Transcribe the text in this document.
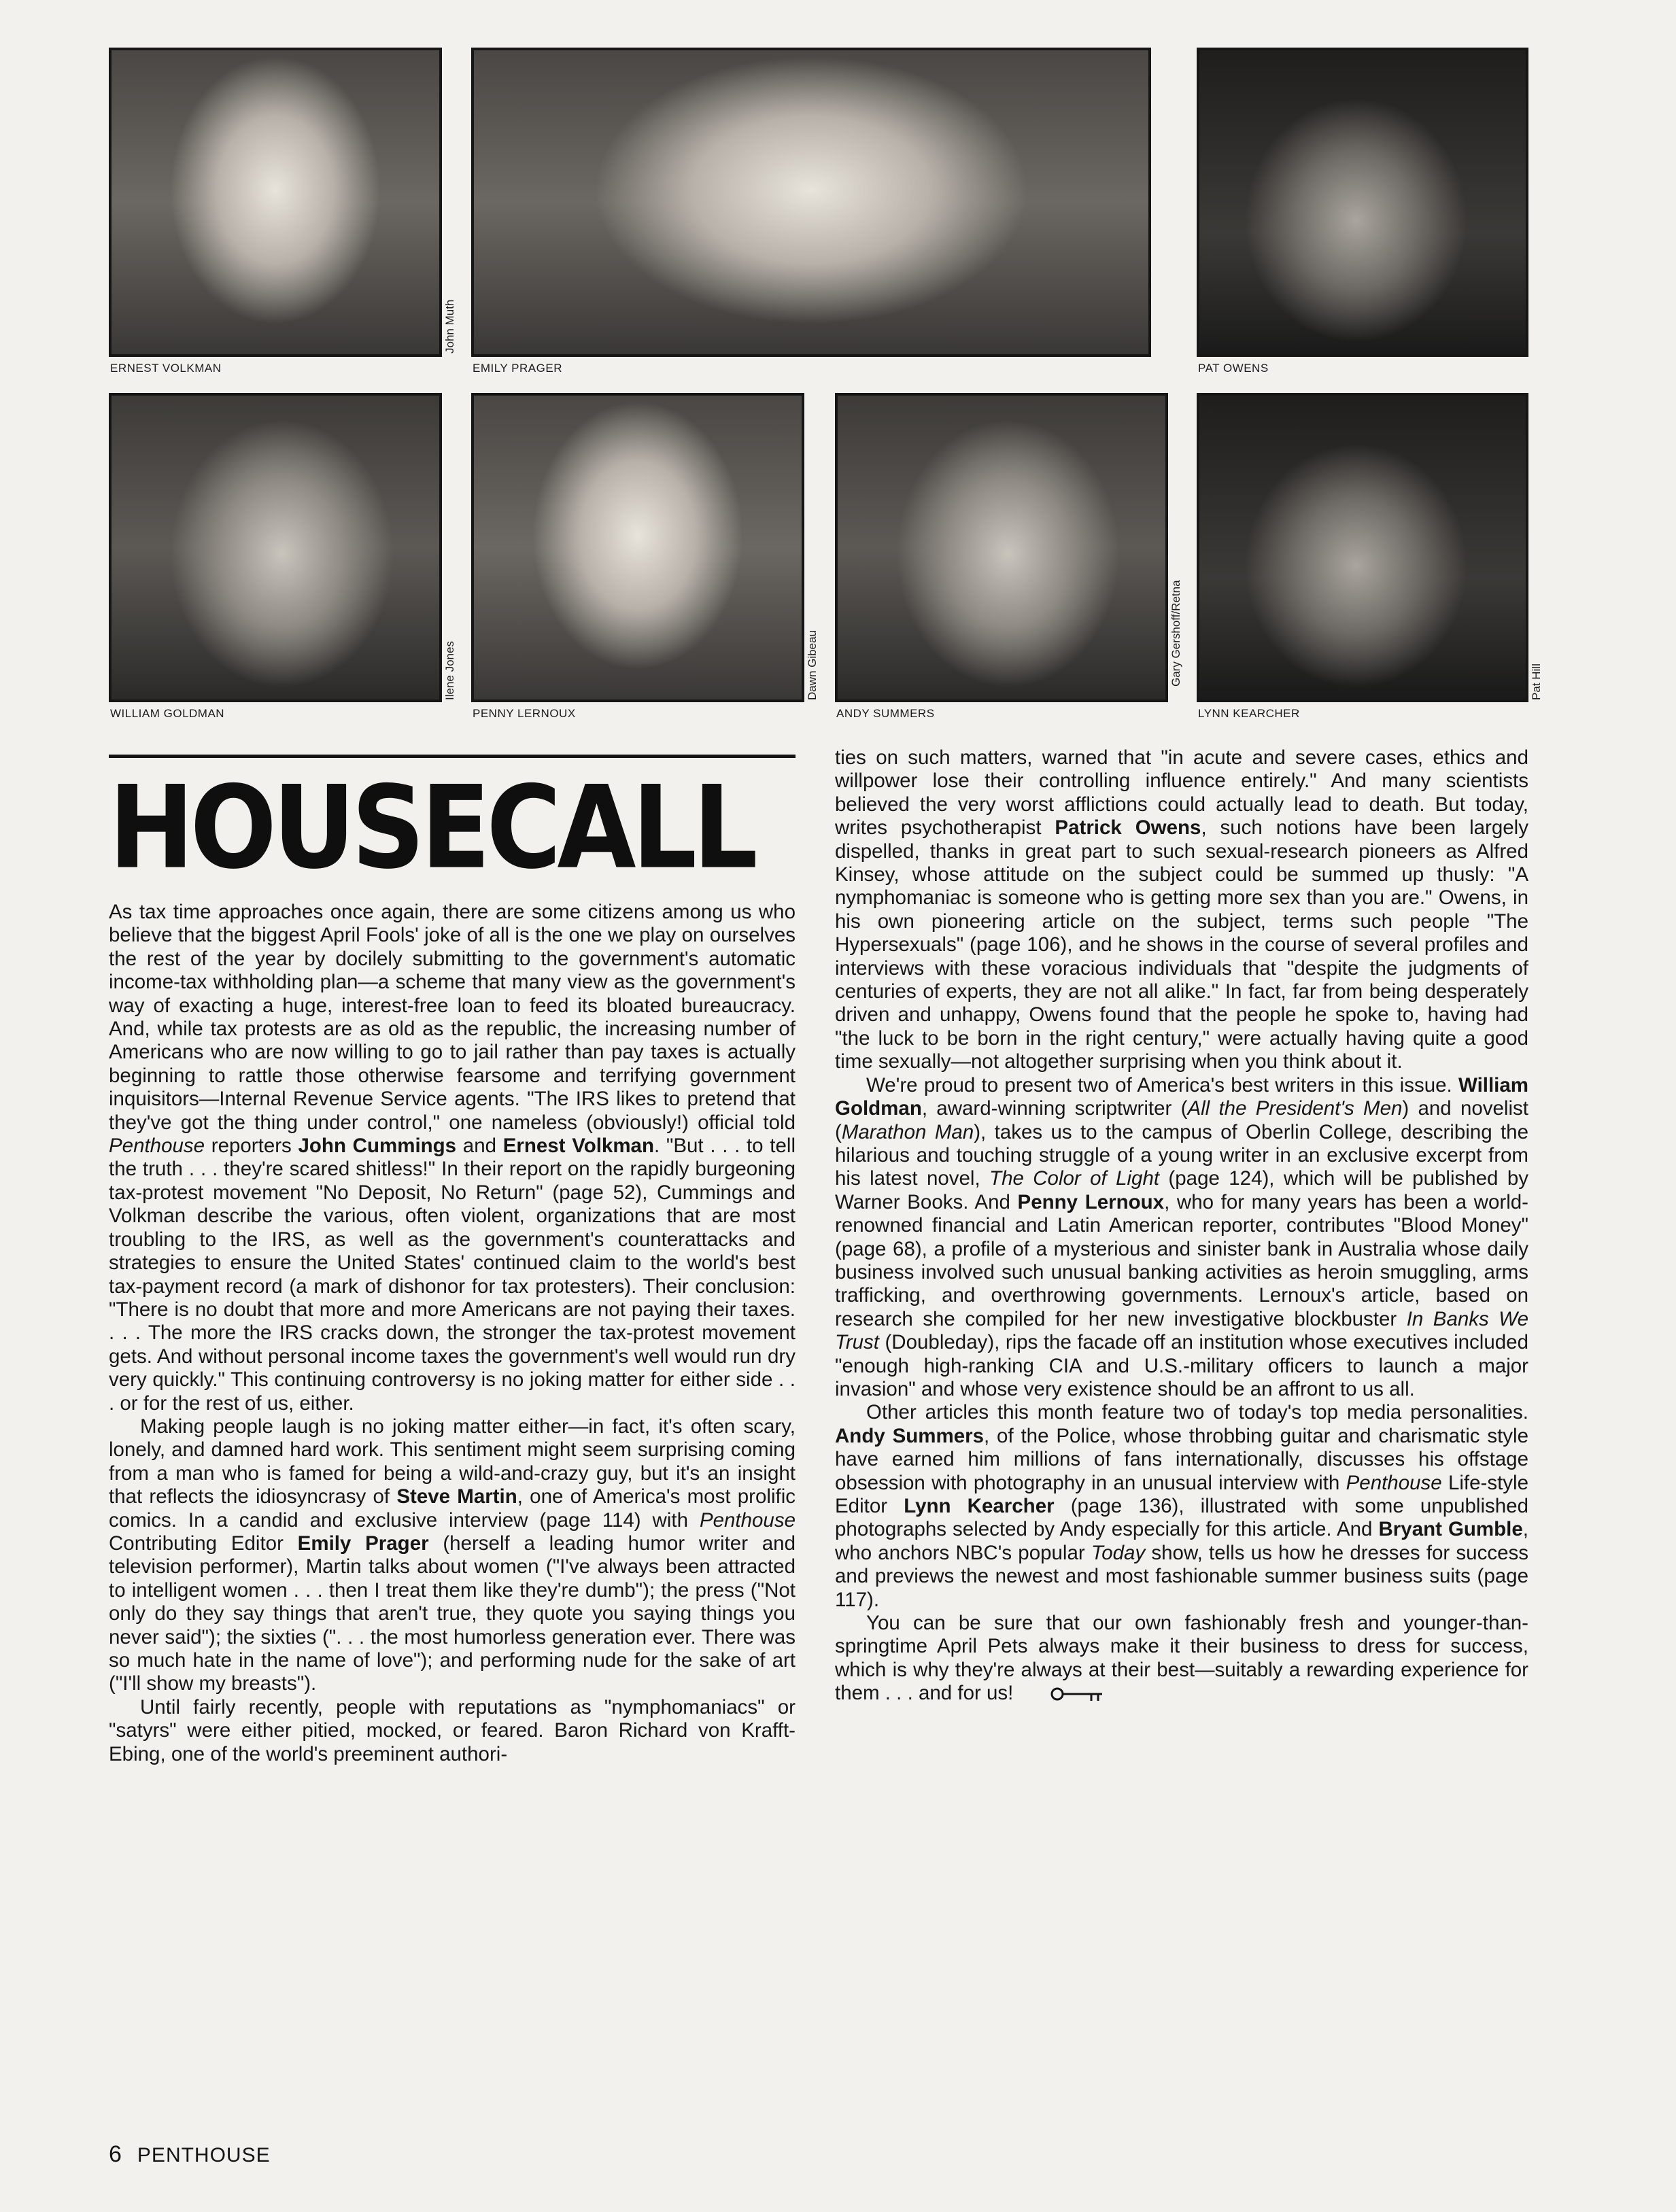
ERNEST VOLKMAN
John Muth
EMILY PRAGER	PAT OWENS
WILLIAM GOLDMAN
Ilene Jones
PENNY LERNOUX
Dawn Gibeau
ANDY SUMMERS
Gary Gershoff/Retna
LYNN KEARCHER
Pat Hill
HOUSECALL

As tax time approaches once again, there are some citizens among us who believe that the biggest April Fools' joke of all is the one we play on ourselves the rest of the year by docilely submitting to the government's automatic income-tax withholding plan—a scheme that many view as the government's way of exacting a huge, interest-free loan to feed its bloated bureaucracy. And, while tax protests are as old as the republic, the increasing number of Americans who are now willing to go to jail rather than pay taxes is actually beginning to rattle those otherwise fearsome and terrifying government inquisitors—Internal Revenue Service agents. "The IRS likes to pretend that they've got the thing under control," one nameless (obviously!) official told Penthouse reporters John Cummings and Ernest Volkman. "But . . . to tell the truth . . . they're scared shitless!" In their report on the rapidly burgeoning tax-protest movement "No Deposit, No Return" (page 52), Cummings and Volkman describe the various, often violent, organizations that are most troubling to the IRS, as well as the government's counterattacks and strategies to ensure the United States' continued claim to the world's best tax-payment record (a mark of dishonor for tax protesters). Their conclusion: "There is no doubt that more and more Americans are not paying their taxes. . . . The more the IRS cracks down, the stronger the tax-protest movement gets. And without personal income taxes the government's well would run dry very quickly." This continuing controversy is no joking matter for either side . . . or for the rest of us, either.

Making people laugh is no joking matter either—in fact, it's often scary, lonely, and damned hard work. This sentiment might seem surprising coming from a man who is famed for being a wild-and-crazy guy, but it's an insight that reflects the idiosyncrasy of Steve Martin, one of America's most prolific comics. In a candid and exclusive interview (page 114) with Penthouse Contributing Editor Emily Prager (herself a leading humor writer and television performer), Martin talks about women ("I've always been attracted to intelligent women . . . then I treat them like they're dumb"); the press ("Not only do they say things that aren't true, they quote you saying things you never said"); the sixties (". . . the most humorless generation ever. There was so much hate in the name of love"); and performing nude for the sake of art ("I'll show my breasts").

Until fairly recently, people with reputations as "nymphomaniacs" or "satyrs" were either pitied, mocked, or feared. Baron Richard von Krafft-Ebing, one of the world's preeminent authori-

ties on such matters, warned that "in acute and severe cases, ethics and willpower lose their controlling influence entirely." And many scientists believed the very worst afflictions could actually lead to death. But today, writes psychotherapist Patrick Owens, such notions have been largely dispelled, thanks in great part to such sexual-research pioneers as Alfred Kinsey, whose attitude on the subject could be summed up thusly: "A nymphomaniac is someone who is getting more sex than you are." Owens, in his own pioneering article on the subject, terms such people "The Hypersexuals" (page 106), and he shows in the course of several profiles and interviews with these voracious individuals that "despite the judgments of centuries of experts, they are not all alike." In fact, far from being desperately driven and unhappy, Owens found that the people he spoke to, having had "the luck to be born in the right century," were actually having quite a good time sexually—not altogether surprising when you think about it.

We're proud to present two of America's best writers in this issue. William Goldman, award-winning scriptwriter (All the President's Men) and novelist (Marathon Man), takes us to the campus of Oberlin College, describing the hilarious and touching struggle of a young writer in an exclusive excerpt from his latest novel, The Color of Light (page 124), which will be published by Warner Books. And Penny Lernoux, who for many years has been a world-renowned financial and Latin American reporter, contributes "Blood Money" (page 68), a profile of a mysterious and sinister bank in Australia whose daily business involved such unusual banking activities as heroin smuggling, arms trafficking, and overthrowing governments. Lernoux's article, based on research she compiled for her new investigative blockbuster In Banks We Trust (Doubleday), rips the facade off an institution whose executives included "enough high-ranking CIA and U.S.-military officers to launch a major invasion" and whose very existence should be an affront to us all.

Other articles this month feature two of today's top media personalities. Andy Summers, of the Police, whose throbbing guitar and charismatic style have earned him millions of fans internationally, discusses his offstage obsession with photography in an unusual interview with Penthouse Life-style Editor Lynn Kearcher (page 136), illustrated with some unpublished photographs selected by Andy especially for this article. And Bryant Gumble, who anchors NBC's popular Today show, tells us how he dresses for success and previews the newest and most fashionable summer business suits (page 117).

You can be sure that our own fashionably fresh and younger-than-springtime April Pets always make it their business to dress for success, which is why they're always at their best—suitably a rewarding experience for them . . . and for us!

6 PENTHOUSE
